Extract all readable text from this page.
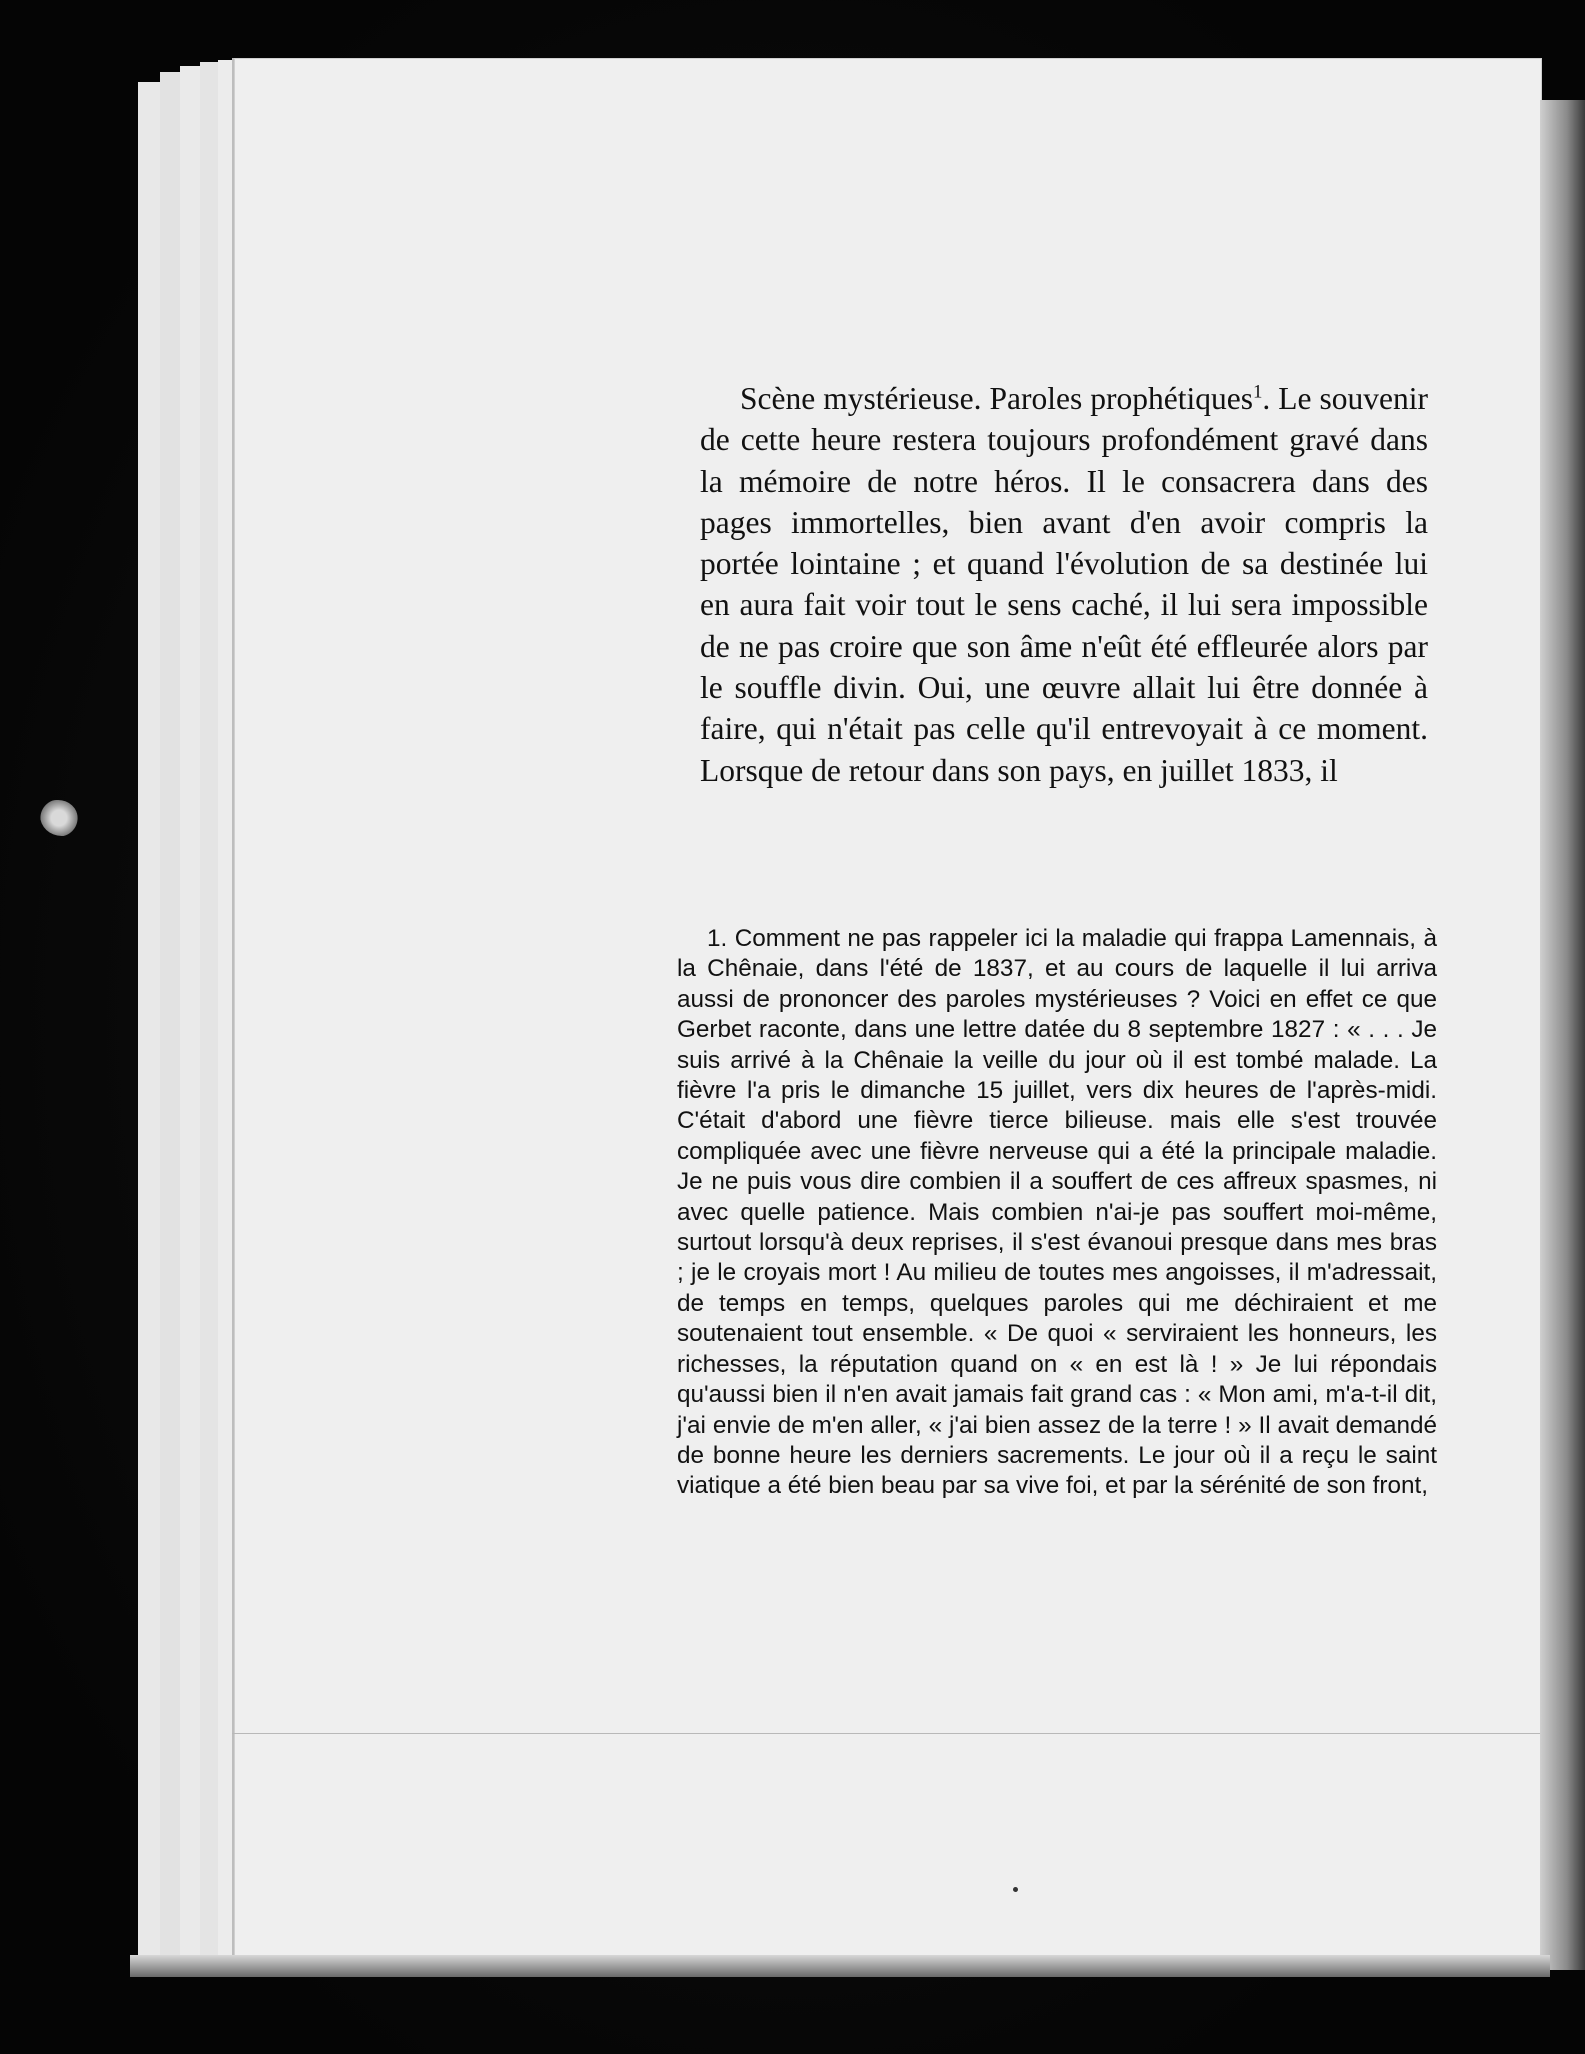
Scène mystérieuse. Paroles prophétiques$^1$. Le souvenir de cette heure restera toujours profondément gravé dans la mémoire de notre héros. Il le consacrera dans des pages immortelles, bien avant d'en avoir compris la portée lointaine ; et quand l'évolution de sa destinée lui en aura fait voir tout le sens caché, il lui sera impossible de ne pas croire que son âme n'eût été effleurée alors par le souffle divin. Oui, une œuvre allait lui être donnée à faire, qui n'était pas celle qu'il entrevoyait à ce moment. Lorsque de retour dans son pays, en juillet 1833, il

1. Comment ne pas rappeler ici la maladie qui frappa Lamennais, à la Chênaie, dans l'été de 1837, et au cours de laquelle il lui arriva aussi de prononcer des paroles mystérieuses ? Voici en effet ce que Gerbet raconte, dans une lettre datée du 8 septembre 1827 : « . . . Je suis arrivé à la Chênaie la veille du jour où il est tombé malade. La fièvre l'a pris le dimanche 15 juillet, vers dix heures de l'après-midi. C'était d'abord une fièvre tierce bilieuse. mais elle s'est trouvée compliquée avec une fièvre nerveuse qui a été la principale maladie. Je ne puis vous dire combien il a souffert de ces affreux spasmes, ni avec quelle patience. Mais combien n'ai-je pas souffert moi-même, surtout lorsqu'à deux reprises, il s'est évanoui presque dans mes bras ; je le croyais mort ! Au milieu de toutes mes angoisses, il m'adressait, de temps en temps, quelques paroles qui me déchiraient et me soutenaient tout ensemble. « De quoi « serviraient les honneurs, les richesses, la réputation quand on « en est là ! » Je lui répondais qu'aussi bien il n'en avait jamais fait grand cas : « Mon ami, m'a-t-il dit, j'ai envie de m'en aller, « j'ai bien assez de la terre ! » Il avait demandé de bonne heure les derniers sacrements. Le jour où il a reçu le saint viatique a été bien beau par sa vive foi, et par la sérénité de son front,
